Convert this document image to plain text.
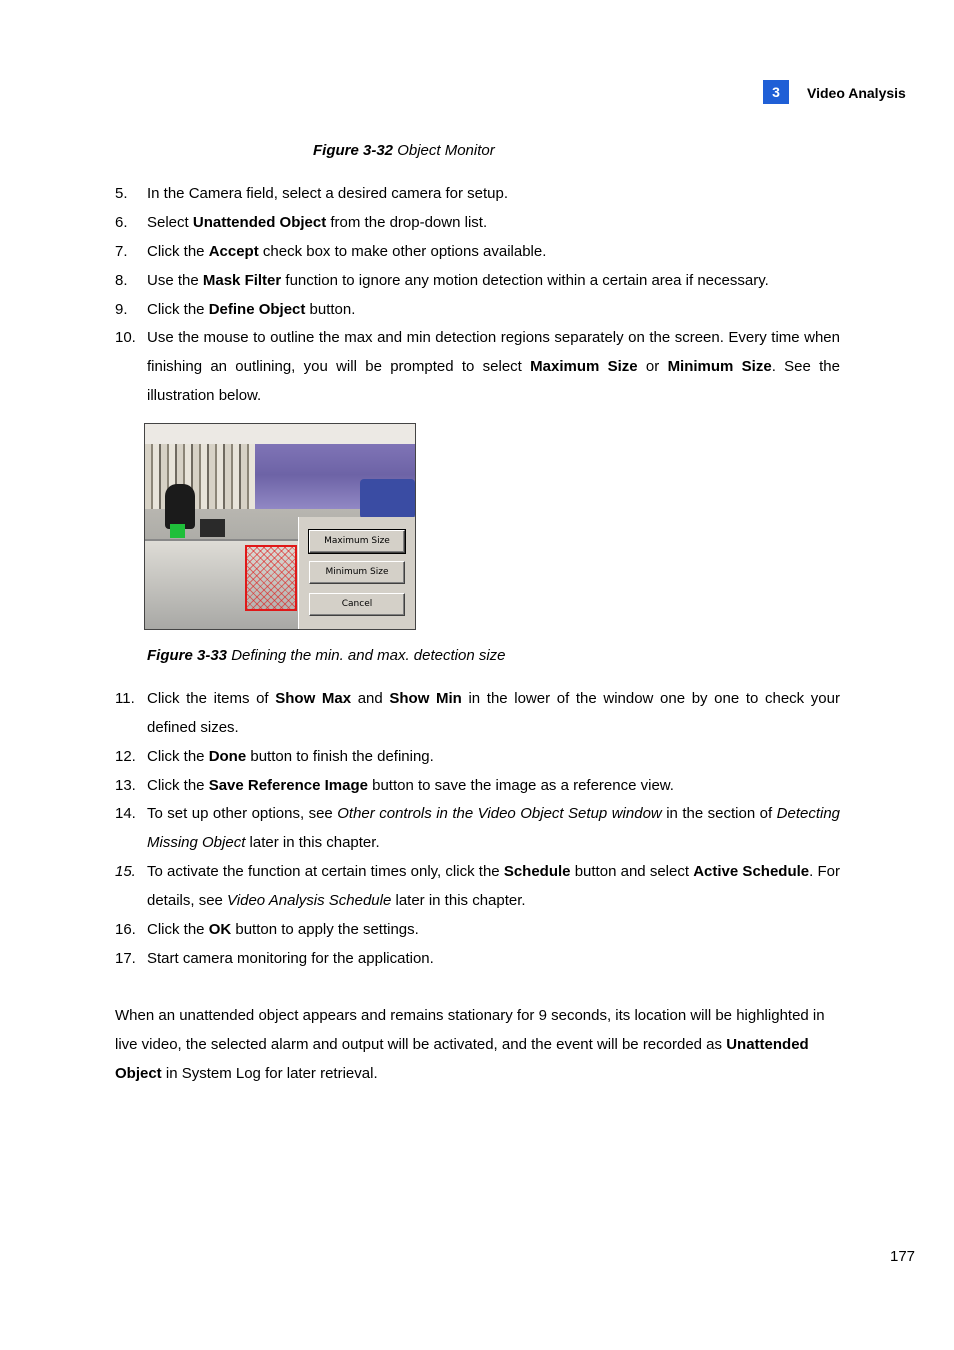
3	Video Analysis
Figure 3-32 Object Monitor
5. In the Camera field, select a desired camera for setup.
6. Select Unattended Object from the drop-down list.
7. Click the Accept check box to make other options available.
8. Use the Mask Filter function to ignore any motion detection within a certain area if necessary.
9. Click the Define Object button.
10. Use the mouse to outline the max and min detection regions separately on the screen. Every time when finishing an outlining, you will be prompted to select Maximum Size or Minimum Size. See the illustration below.
Maximum Size
Minimum Size
Cancel
Figure 3-33 Defining the min. and max. detection size
11. Click the items of Show Max and Show Min in the lower of the window one by one to check your defined sizes.
12. Click the Done button to finish the defining.
13. Click the Save Reference Image button to save the image as a reference view.
14. To set up other options, see Other controls in the Video Object Setup window in the section of Detecting Missing Object later in this chapter.
15. To activate the function at certain times only, click the Schedule button and select Active Schedule. For details, see Video Analysis Schedule later in this chapter.
16. Click the OK button to apply the settings.
17. Start camera monitoring for the application.
When an unattended object appears and remains stationary for 9 seconds, its location will be highlighted in live video, the selected alarm and output will be activated, and the event will be recorded as Unattended Object in System Log for later retrieval.
177
